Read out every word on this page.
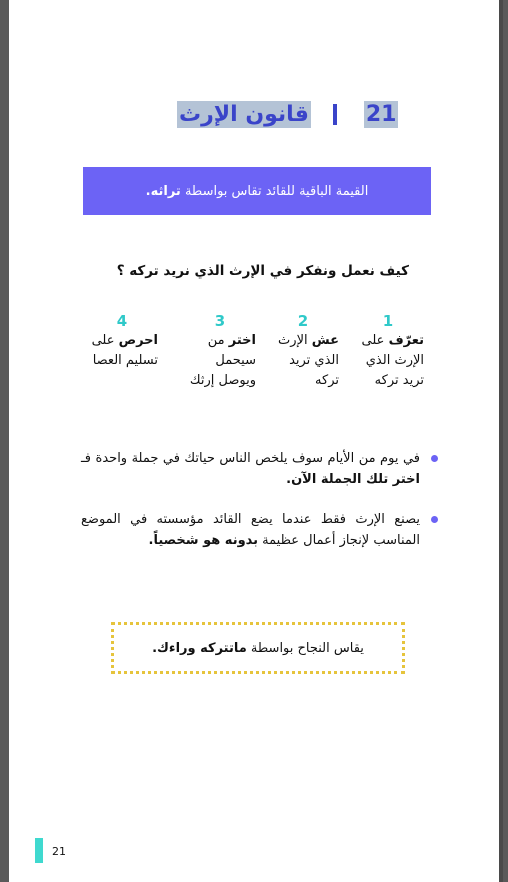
قانون الإرث	21
القيمة الباقية للقائد تقاس بواسطة تراثه.
كيف نعمل ونفكر في الإرث الذي نريد تركه ؟
1
تعرّف على الإرث الذي تريد تركه
2
عش الإرث الذي تريد تركه
3
اختر من سيحمل ويوصل إرثك
4
احرص على تسليم العصا
في يوم من الأيام سوف يلخص الناس حياتك في جملة واحدة فـ اختر تلك الجملة الآن.
يصنع الإرث فقط عندما يضع القائد مؤسسته في الموضع المناسب لإنجاز أعمال عظيمة بدونه هو شخصياً.
يقاس النجاح بواسطة ماتتركه وراءك.
21
